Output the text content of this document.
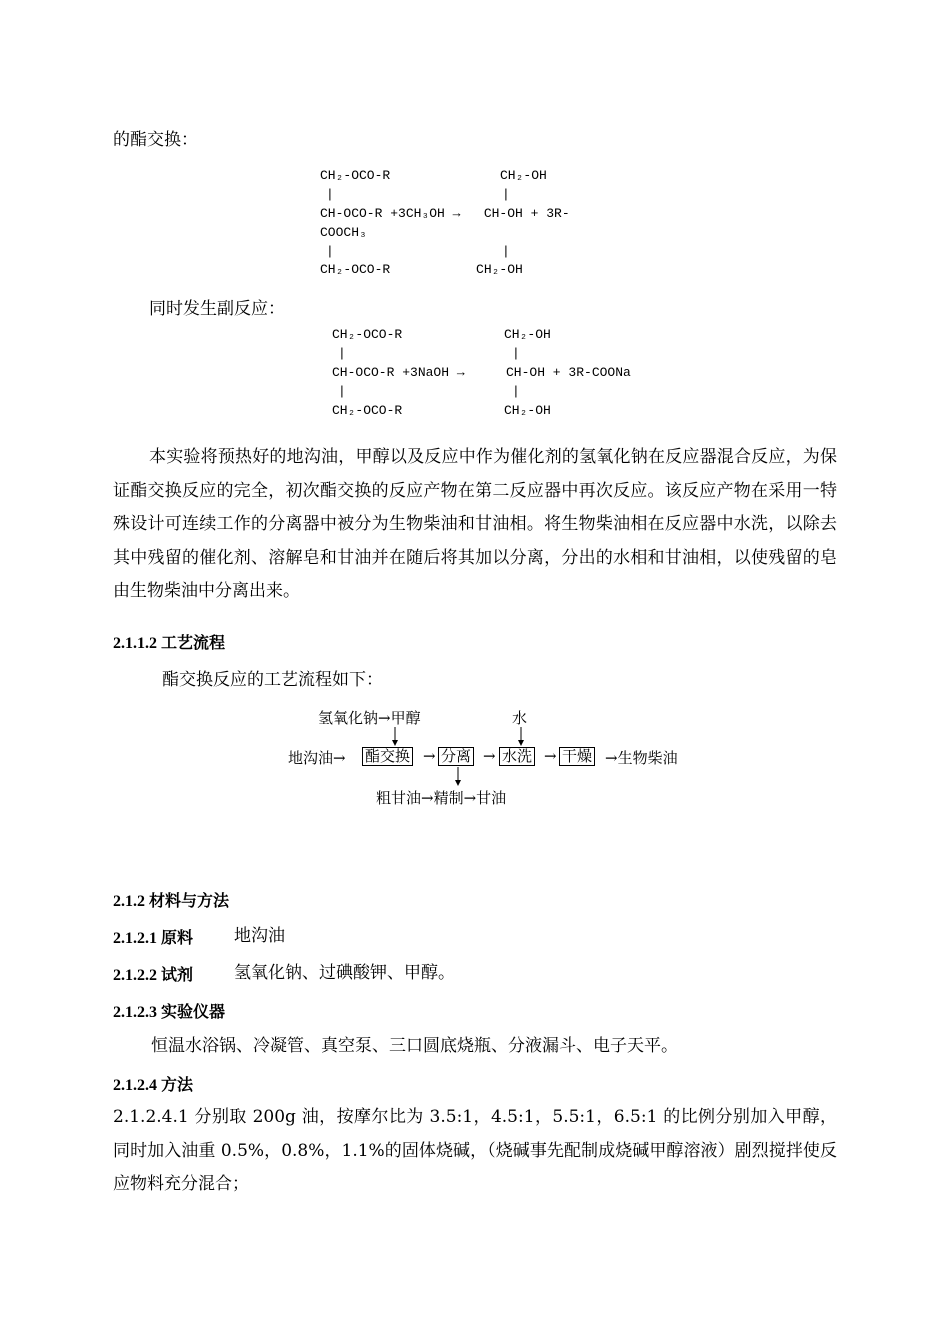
的酯交换：
CH₂-OCO-R	CH₂-OH
|	|
CH-OCO-R +3CH₃OH →   CH-OH + 3R-
COOCH₃
|	|
CH₂-OCO-R           CH₂-OH
同时发生副反应：
CH₂-OCO-R	CH₂-OH
|	|
CH-OCO-R +3NaOH →	CH-OH + 3R-COONa
|	|
CH₂-OCO-R	CH₂-OH
本实验将预热好的地沟油，甲醇以及反应中作为催化剂的氢氧化钠在反应器混合反应，为保证酯交换反应的完全，初次酯交换的反应产物在第二反应器中再次反应。该反应产物在采用一特殊设计可连续工作的分离器中被分为生物柴油和甘油相。将生物柴油相在反应器中水洗，以除去其中残留的催化剂、溶解皂和甘油并在随后将其加以分离，分出的水相和甘油相，以使残留的皂由生物柴油中分离出来。
2.1.1.2 工艺流程
酯交换反应的工艺流程如下：
氢氧化钠→甲醇	水
地沟油→ 酯交换 → 分离 → 水洗 → 干燥 →生物柴油
粗甘油→精制→甘油
2.1.2 材料与方法
2.1.2.1 原料 地沟油
2.1.2.2 试剂 氢氧化钠、过碘酸钾、甲醇。
2.1.2.3 实验仪器
恒温水浴锅、冷凝管、真空泵、三口圆底烧瓶、分液漏斗、电子天平。
2.1.2.4 方法
2.1.2.4.1 分别取 200g 油，按摩尔比为 3.5:1，4.5:1，5.5:1，6.5:1 的比例分别加入甲醇，同时加入油重 0.5%，0.8%，1.1%的固体烧碱，（烧碱事先配制成烧碱甲醇溶液）剧烈搅拌使反应物料充分混合；
